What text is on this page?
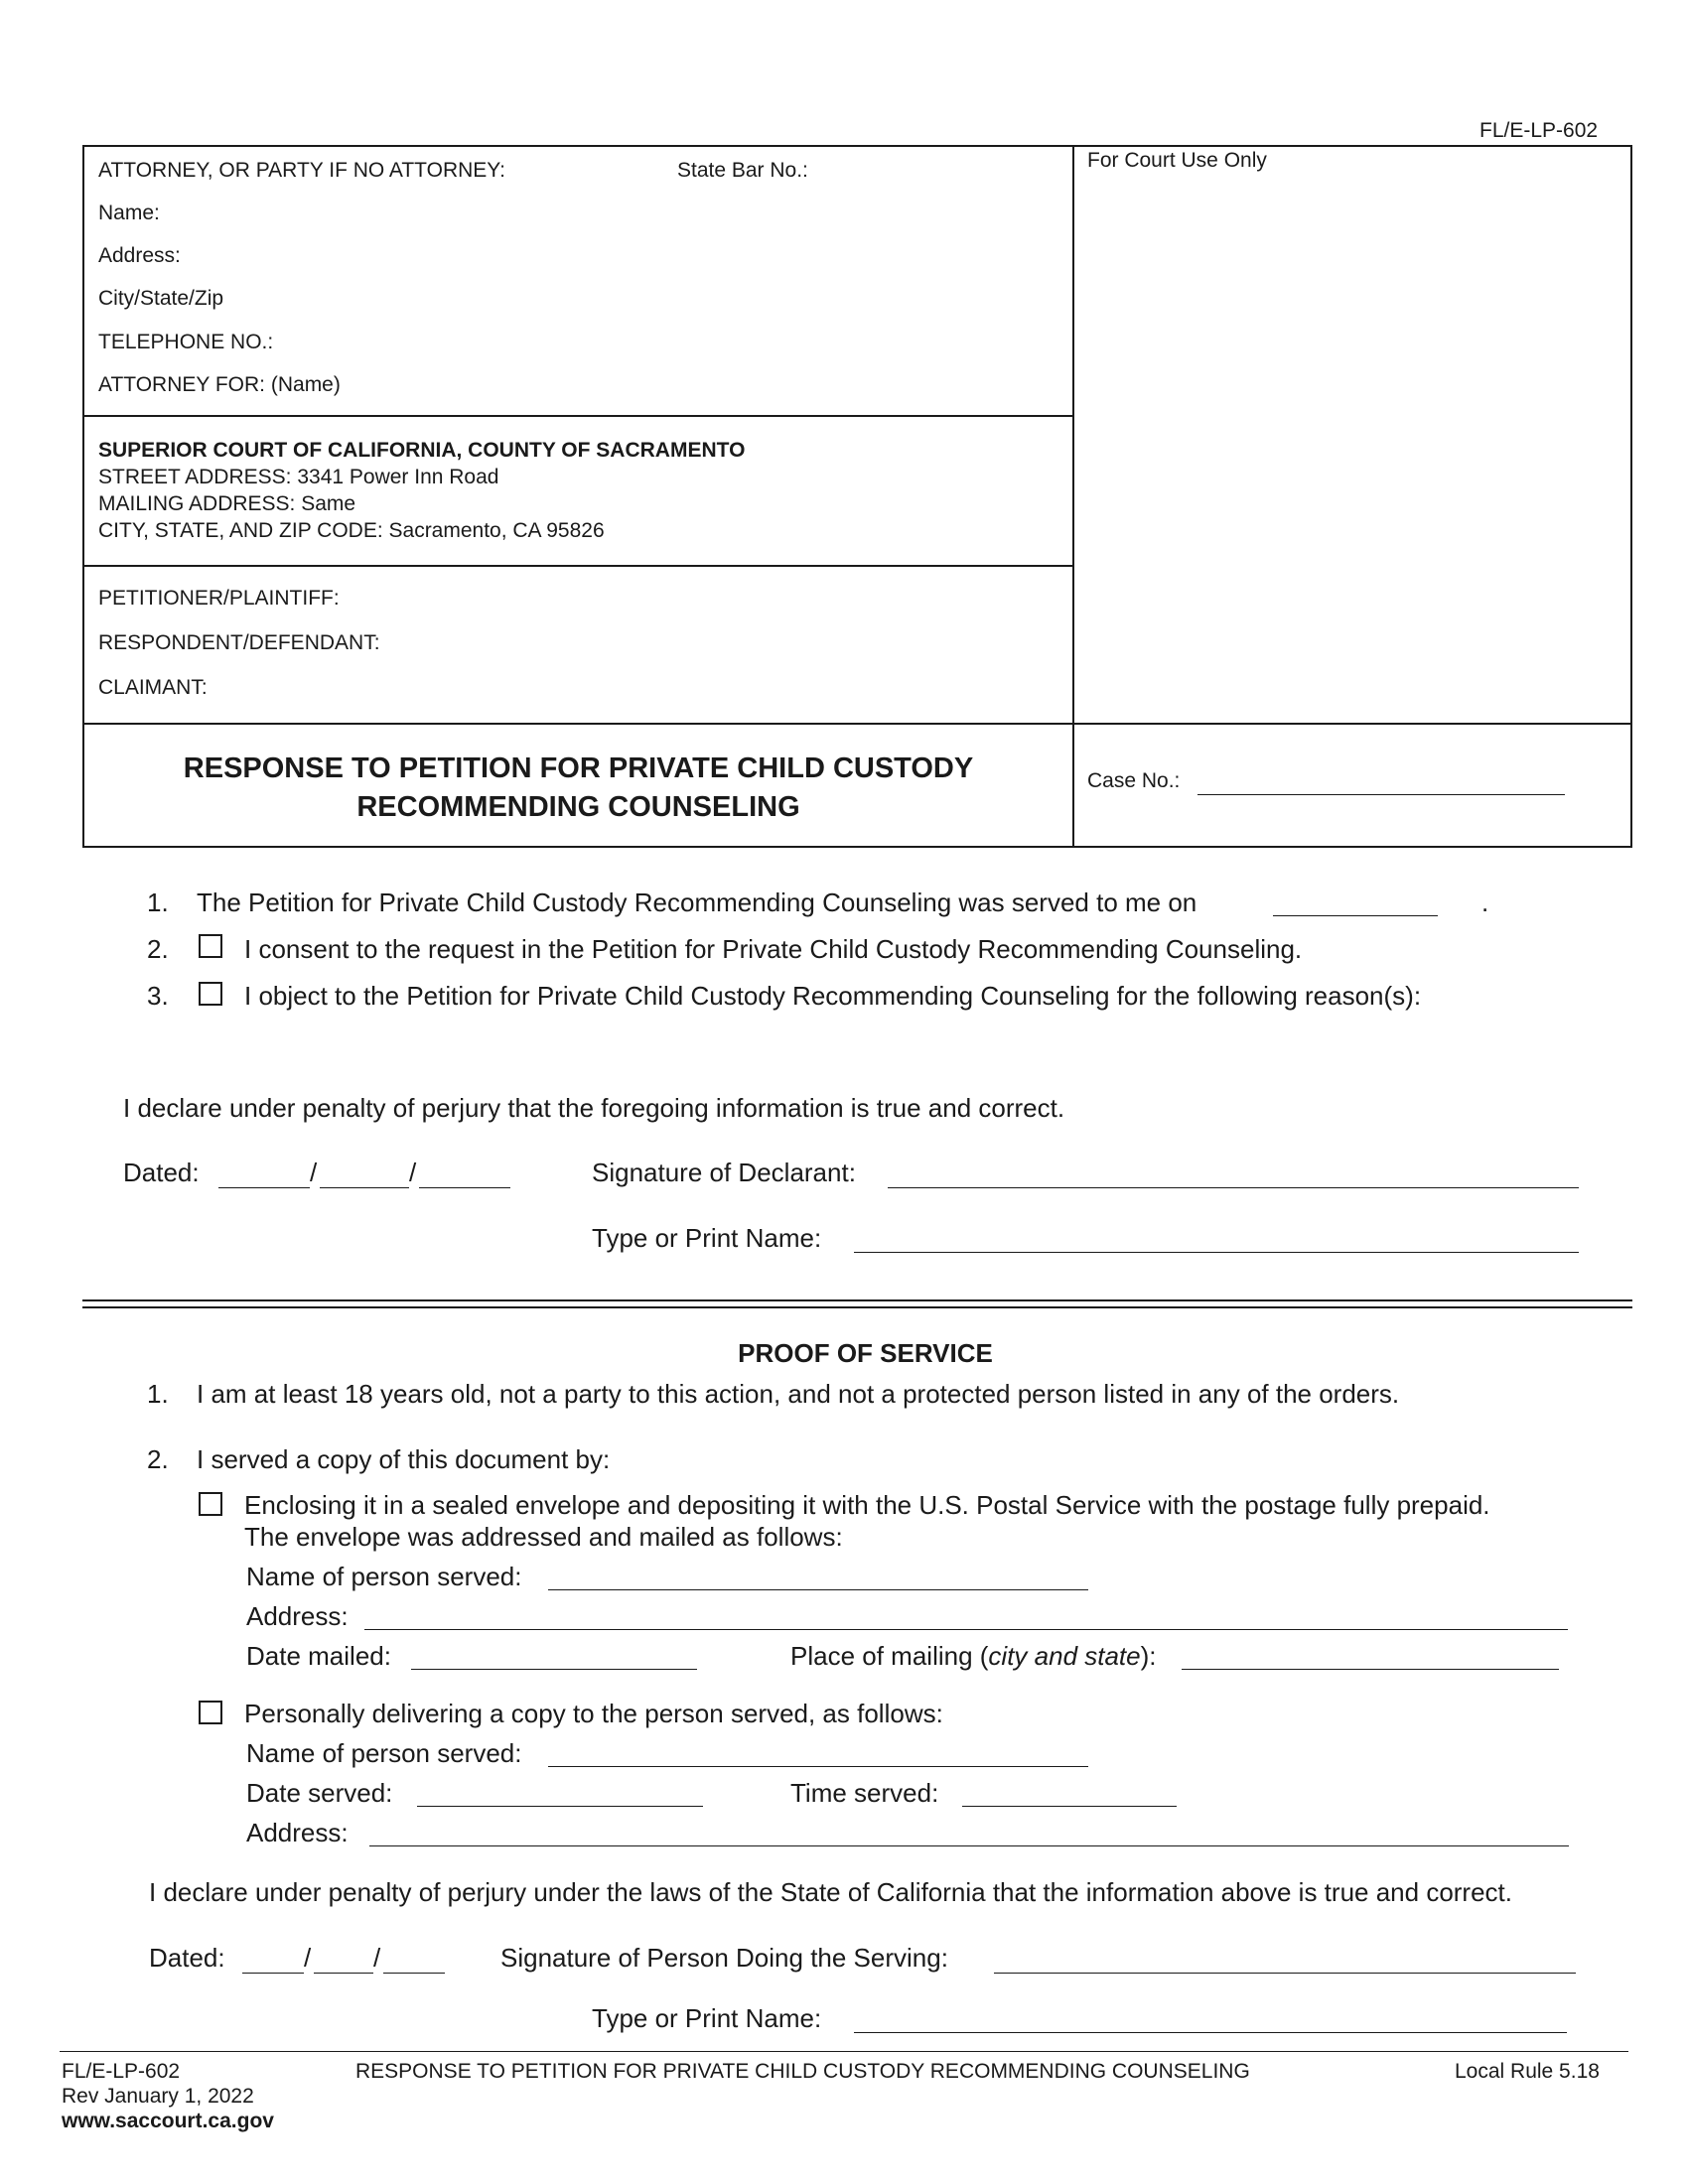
FL/E-LP-602
ATTORNEY, OR PARTY IF NO ATTORNEY:	State Bar No.:
Name:
Address:
City/State/Zip
TELEPHONE NO.:
ATTORNEY FOR: (Name)
For Court Use Only
SUPERIOR COURT OF CALIFORNIA, COUNTY OF SACRAMENTO
STREET ADDRESS: 3341 Power Inn Road
MAILING ADDRESS: Same
CITY, STATE, AND ZIP CODE: Sacramento, CA 95826
PETITIONER/PLAINTIFF:
RESPONDENT/DEFENDANT:
CLAIMANT:
RESPONSE TO PETITION FOR PRIVATE CHILD CUSTODY
RECOMMENDING COUNSELING
Case No.:
1. The Petition for Private Child Custody Recommending Counseling was served to me on	.
2.	I consent to the request in the Petition for Private Child Custody Recommending Counseling.
3.	I object to the Petition for Private Child Custody Recommending Counseling for the following reason(s):
I declare under penalty of perjury that the foregoing information is true and correct.
Dated:	/	/	Signature of Declarant:
Type or Print Name:
PROOF OF SERVICE
1. I am at least 18 years old, not a party to this action, and not a protected person listed in any of the orders.
2. I served a copy of this document by:
Enclosing it in a sealed envelope and depositing it with the U.S. Postal Service with the postage fully prepaid.
The envelope was addressed and mailed as follows:
Name of person served:
Address:
Date mailed:	Place of mailing (city and state):
Personally delivering a copy to the person served, as follows:
Name of person served:
Date served:	Time served:
Address:
I declare under penalty of perjury under the laws of the State of California that the information above is true and correct.
Dated:	/ /	Signature of Person Doing the Serving:
Type or Print Name:
FL/E-LP-602
Rev January 1, 2022
www.saccourt.ca.gov
RESPONSE TO PETITION FOR PRIVATE CHILD CUSTODY RECOMMENDING COUNSELING	Local Rule 5.18
